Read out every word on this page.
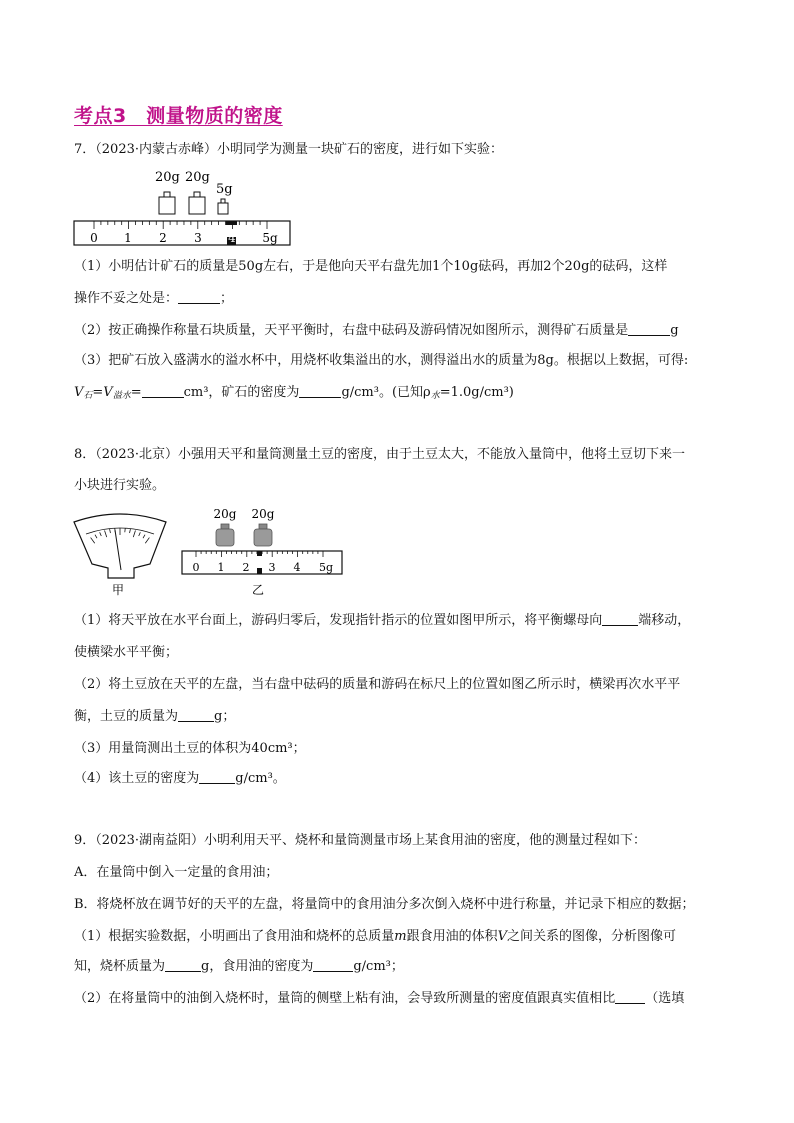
考点3　测量物质的密度
7．（2023·内蒙古赤峰）小明同学为测量一块矿石的密度，进行如下实验：
20g 20g
5g
0 1 2 3 4 5g
（1）小明估计矿石的质量是50g左右，于是他向天平右盘先加1个10g砝码，再加2个20g的砝码，这样
操作不妥之处是：	；
（2）按正确操作称量石块质量，天平平衡时，右盘中砝码及游码情况如图所示，测得矿石质量是	g
（3）把矿石放入盛满水的溢水杯中，用烧杯收集溢出的水，测得溢出水的质量为8g。根据以上数据，可得:
$V_石=V_{溢水}=$	cm³，矿石的密度为	g/cm³。(已知$\rho_水=1.0g/cm^3$)
8．（2023·北京）小强用天平和量筒测量土豆的密度，由于土豆太大，不能放入量筒中，他将土豆切下来一
小块进行实验。
甲
20g 20g
0 1 2 3 4 5g
乙
（1）将天平放在水平台面上，游码归零后，发现指针指示的位置如图甲所示，将平衡螺母向	端移动，
使横梁水平平衡；
（2）将土豆放在天平的左盘，当右盘中砝码的质量和游码在标尺上的位置如图乙所示时，横梁再次水平平
衡，土豆的质量为	g；
（3）用量筒测出土豆的体积为40cm³；
（4）该土豆的密度为	g/cm³。
9．（2023·湖南益阳）小明利用天平、烧杯和量筒测量市场上某食用油的密度，他的测量过程如下：
A．在量筒中倒入一定量的食用油；
B．将烧杯放在调节好的天平的左盘，将量筒中的食用油分多次倒入烧杯中进行称量，并记录下相应的数据；
（1）根据实验数据，小明画出了食用油和烧杯的总质量m跟食用油的体积V之间关系的图像，分析图像可
知，烧杯质量为	g，食用油的密度为	g/cm³；
（2）在将量筒中的油倒入烧杯时，量筒的侧壁上粘有油，会导致所测量的密度值跟真实值相比 （选填
